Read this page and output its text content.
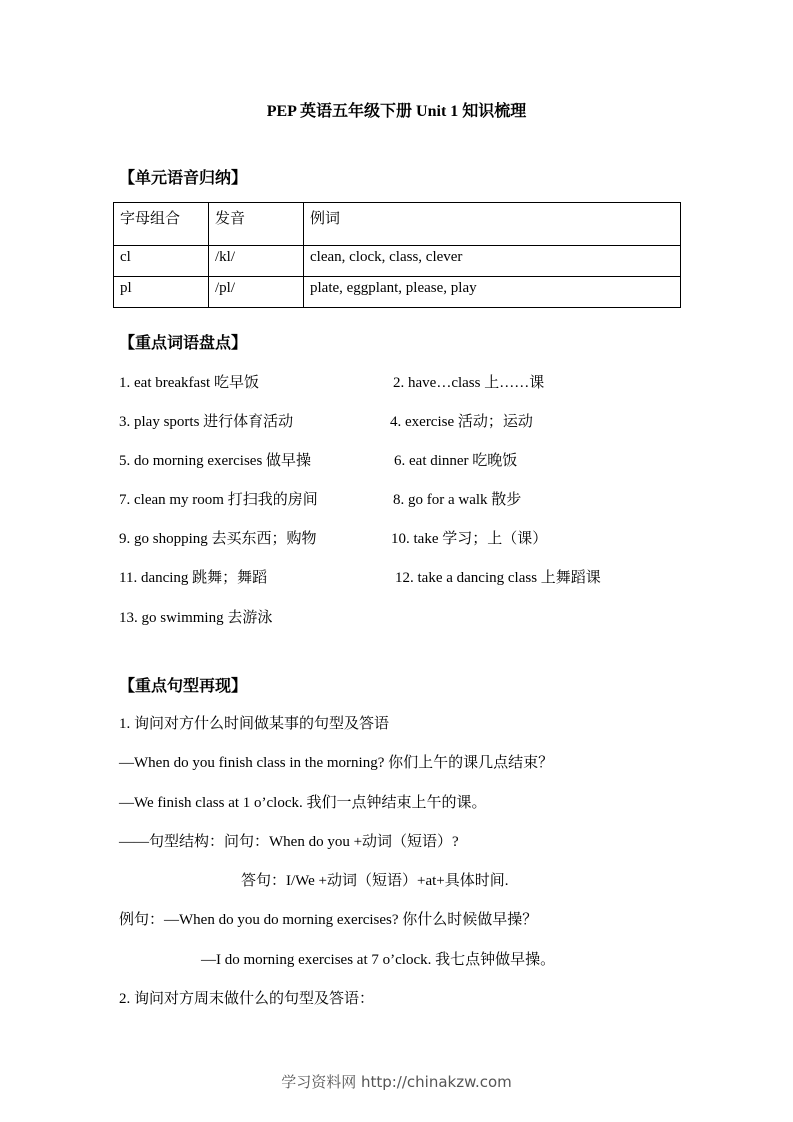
PEP 英语五年级下册 Unit 1 知识梳理
【单元语音归纳】
字母组合	发音	例词
cl	/kl/	clean, clock, class, clever
pl	/pl/	plate, eggplant, please, play
【重点词语盘点】
1. eat breakfast 吃早饭	2. have…class 上……课
3. play sports 进行体育活动	4. exercise 活动；运动
5. do morning exercises 做早操	6. eat dinner 吃晚饭
7. clean my room 打扫我的房间	8. go for a walk 散步
9. go shopping 去买东西；购物	10. take 学习；上（课）
11. dancing 跳舞；舞蹈	12. take a dancing class 上舞蹈课
13. go swimming 去游泳
【重点句型再现】
1. 询问对方什么时间做某事的句型及答语
—When do you finish class in the morning? 你们上午的课几点结束？
—We finish class at 1 o’clock. 我们一点钟结束上午的课。
——句型结构：问句：When do you +动词（短语）?
答句：I/We +动词（短语）+at+具体时间.
例句：—When do you do morning exercises? 你什么时候做早操？
—I do morning exercises at 7 o’clock. 我七点钟做早操。
2. 询问对方周末做什么的句型及答语：
学习资料网 http://chinakzw.com
